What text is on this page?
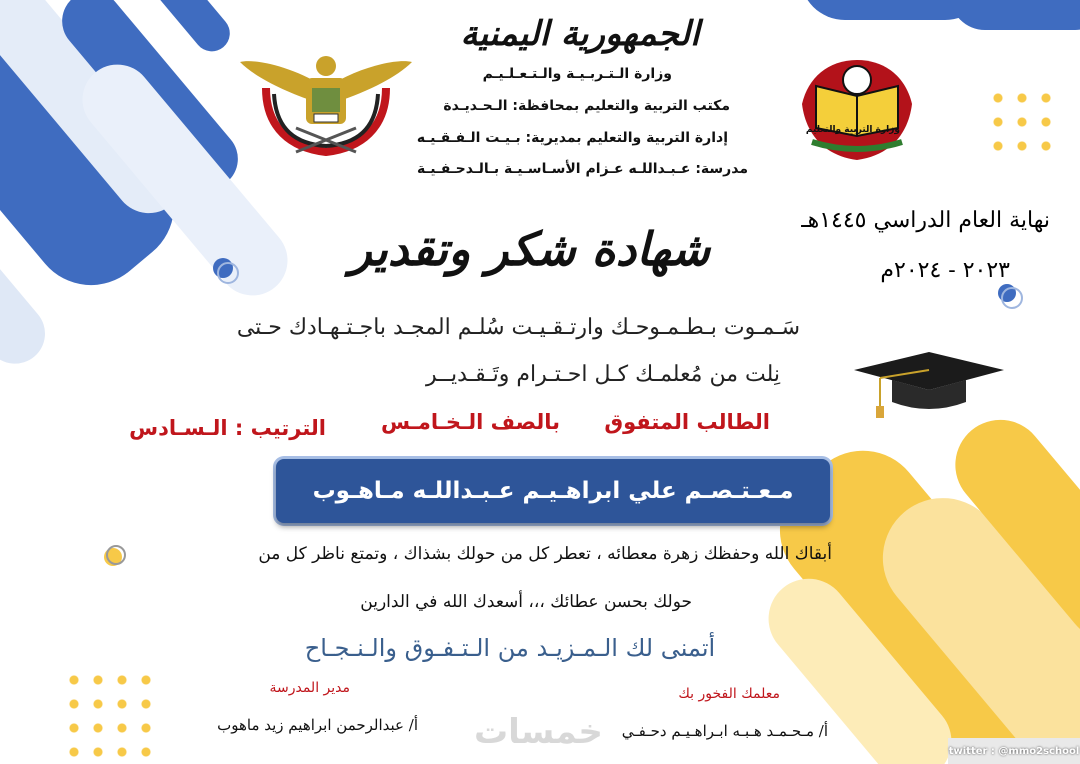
وزارة التربية والتعليم
الجمهورية اليمنية
وزارة الـتـربـيـة والـتـعـلـيـم
مكتب التربية والتعليم بمحافظة: الـحـديـدة
إدارة التربية والتعليم بمديرية: بـيـت الـفـقـيـه
مدرسة: عـبـداللـه عـزام الأسـاسـيـة بـالـدحـفـيـة
نهاية العام الدراسي ١٤٤٥هـ
٢٠٢٣ - ٢٠٢٤م
شهادة شكر وتقدير
سَـمـوت بـطـمـوحـك وارتـقـيـت سُلـم المجـد باجـتـهـادك حـتى
نِلت من مُعلمـك كـل احـتـرام وتَـقـديــر
الطالب المتفوق
بالصف الـخـامـس
الترتيب : الـسـادس
مـعـتـصـم علي ابراهـيـم عـبـداللـه مـاهـوب
أبقاك الله وحفظك زهرة معطائه ، تعطر كل من حولك بشذاك ، وتمتع ناظر كل من
حولك بحسن عطائك ،،، أسعدك الله في الدارين
أتمنى لك الـمـزيـد من الـتـفـوق والـنـجـاح
مدير المدرسة
أ/ عبدالرحمن ابراهيم زيد ماهوب
معلمك الفخور بك
أ/ مـحـمـد هـبـه ابـراهـيـم دحـفـي
خمسات	twitter : @mmo2school
